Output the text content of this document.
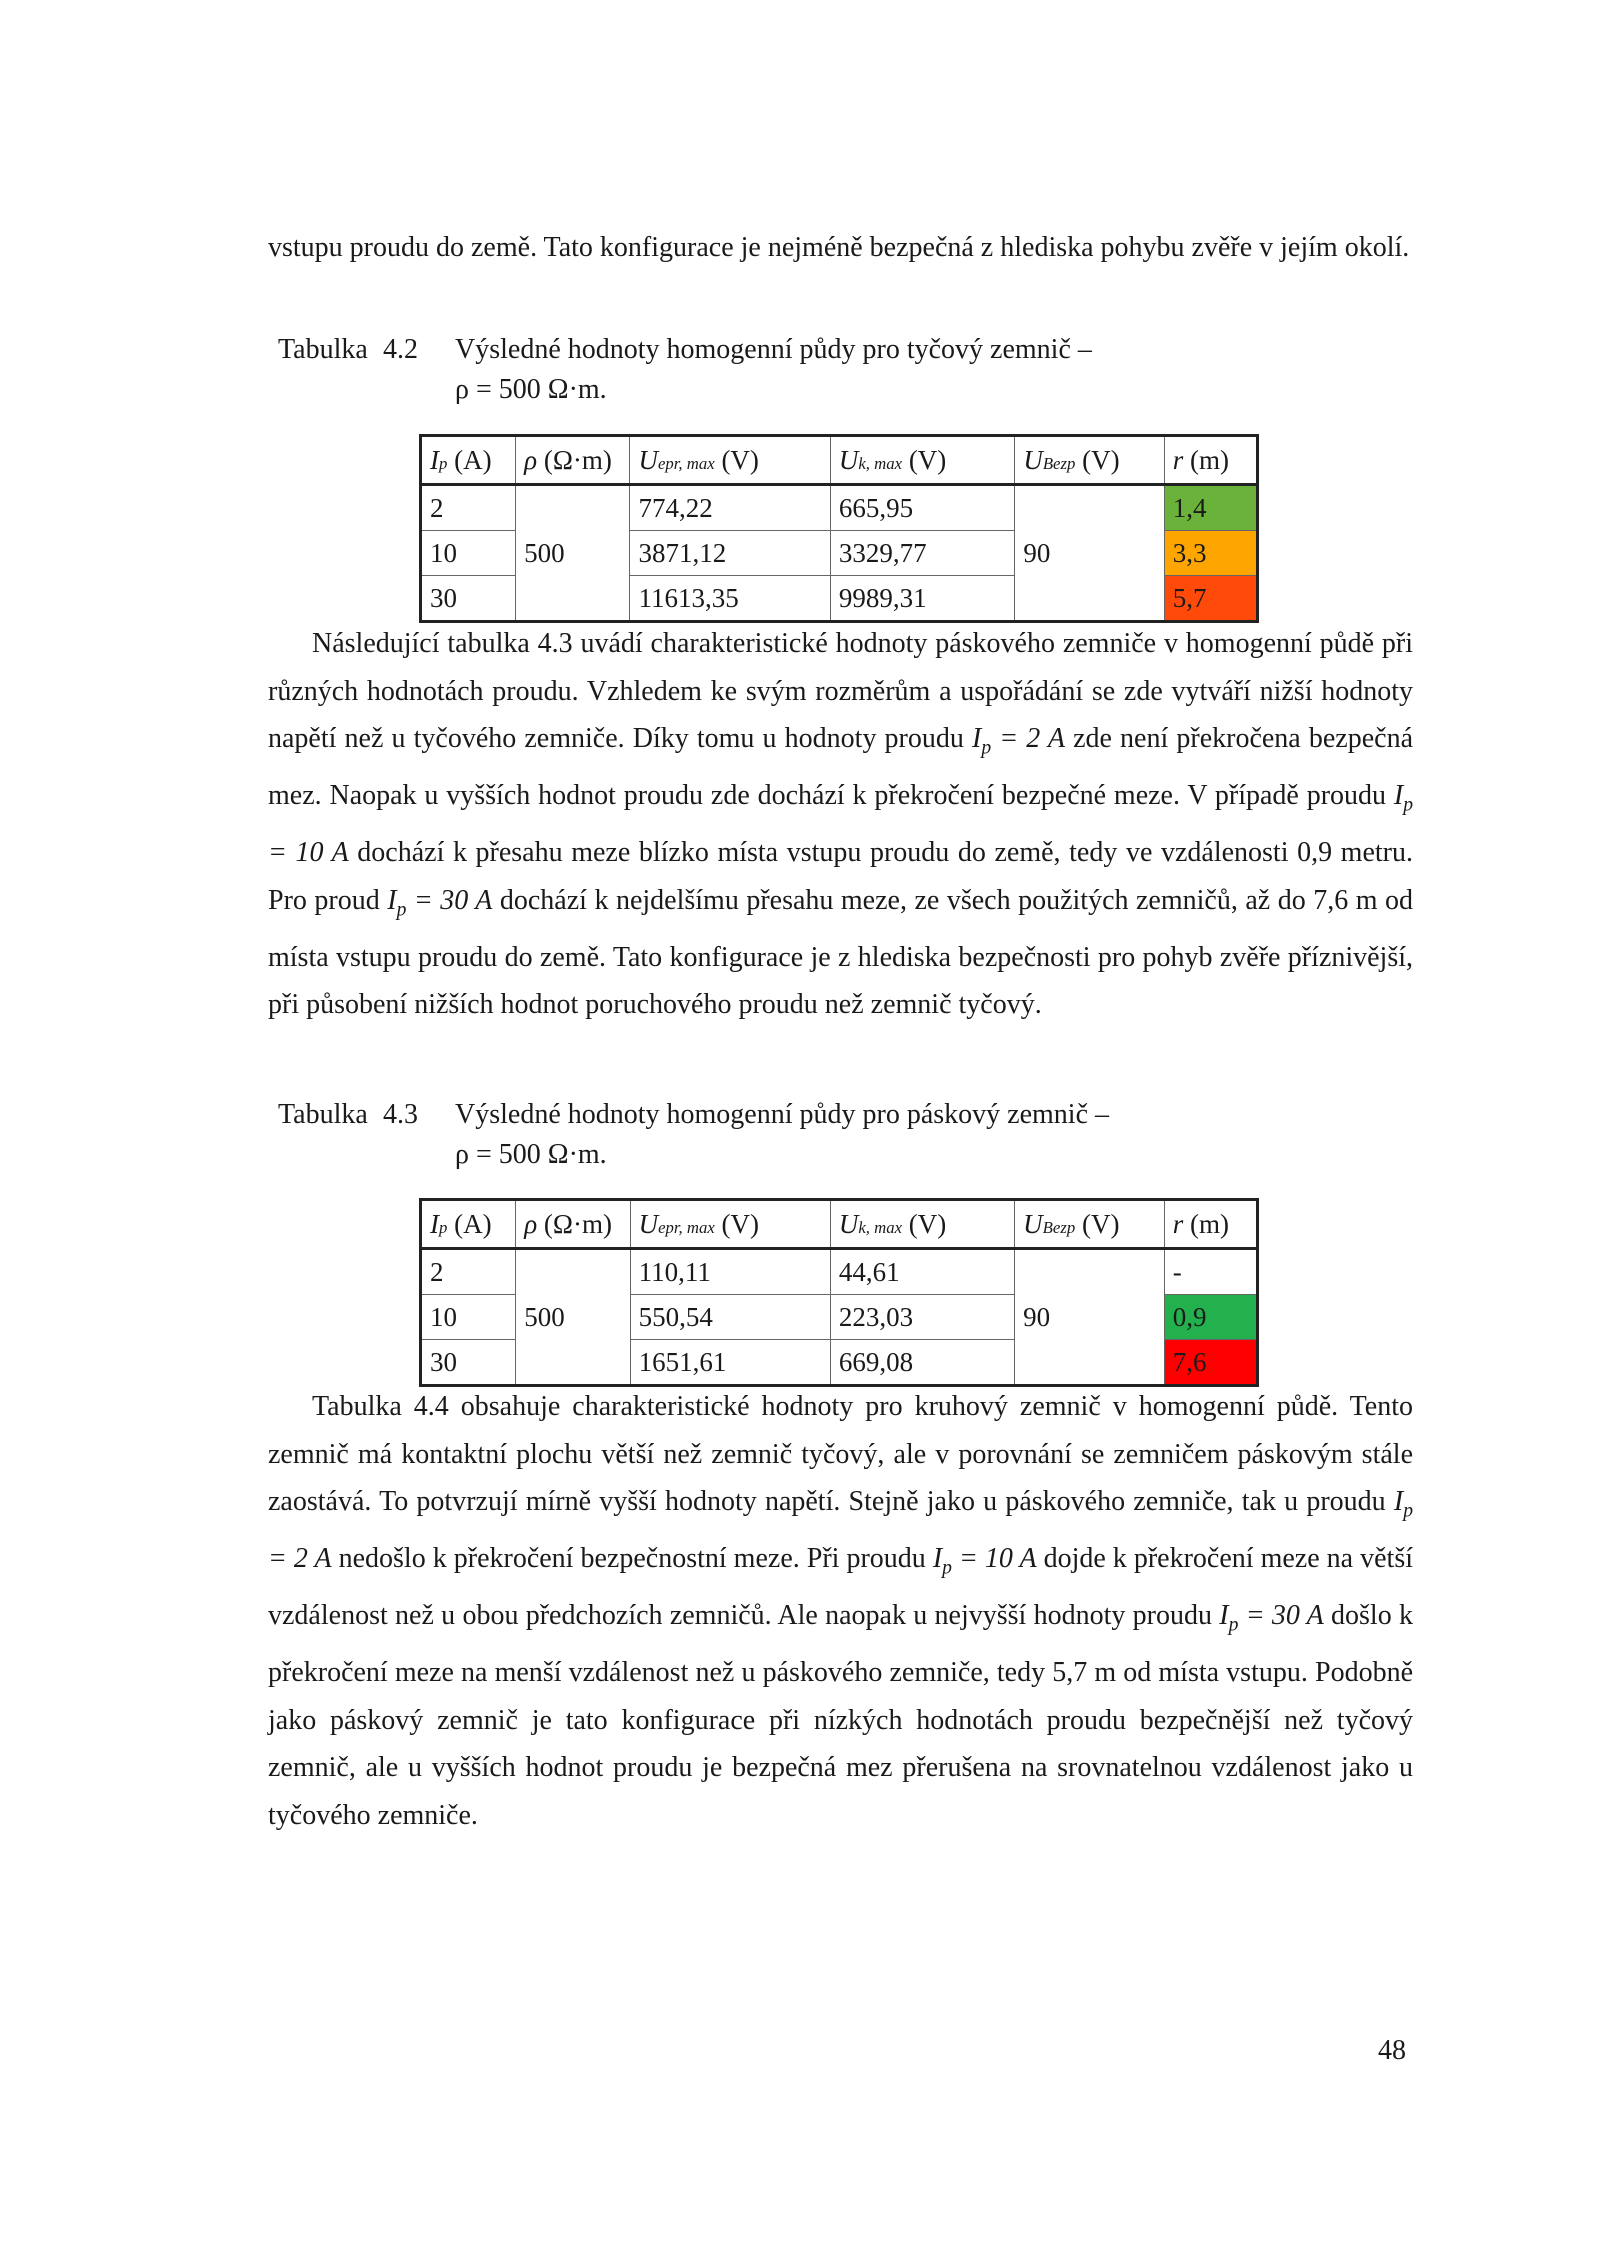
vstupu proudu do země. Tato konfigurace je nejméně bezpečná z hlediska pohybu zvěře v jejím okolí.

Tabulka 4.2 Výsledné hodnoty homogenní půdy pro tyčový zemnič –
ρ = 500 Ω·m.

Ip (A)	ρ (Ω·m)	Uepr, max (V)	Uk, max (V)	UBezp (V)	r (m)
2	500	774,22	665,95	90	1,4
10		3871,12	3329,77		3,3
30		11613,35	9989,31		5,7

Následující tabulka 4.3 uvádí charakteristické hodnoty páskového zemniče v homogenní půdě při různých hodnotách proudu. Vzhledem ke svým rozměrům a uspořádání se zde vytváří nižší hodnoty napětí než u tyčového zemniče. Díky tomu u hodnoty proudu $I_p = 2$ A zde není překročena bezpečná mez. Naopak u vyšších hodnot proudu zde dochází k překročení bezpečné meze. V případě proudu $I_p = 10$ A dochází k přesahu meze blízko místa vstupu proudu do země, tedy ve vzdálenosti 0,9 metru. Pro proud $I_p = 30$ A dochází k nejdelšímu přesahu meze, ze všech použitých zemničů, až do 7,6 m od místa vstupu proudu do země. Tato konfigurace je z hlediska bezpečnosti pro pohyb zvěře příznivější, při působení nižších hodnot poruchového proudu než zemnič tyčový.

Tabulka 4.3 Výsledné hodnoty homogenní půdy pro páskový zemnič –
ρ = 500 Ω·m.

Ip (A)	ρ (Ω·m)	Uepr, max (V)	Uk, max (V)	UBezp (V)	r (m)
2	500	110,11	44,61	90	-
10		550,54	223,03		0,9
30		1651,61	669,08		7,6

Tabulka 4.4 obsahuje charakteristické hodnoty pro kruhový zemnič v homogenní půdě. Tento zemnič má kontaktní plochu větší než zemnič tyčový, ale v porovnání se zemničem páskovým stále zaostává. To potvrzují mírně vyšší hodnoty napětí. Stejně jako u páskového zemniče, tak u proudu $I_p = 2$ A nedošlo k překročení bezpečnostní meze. Při proudu $I_p = 10$ A dojde k překročení meze na větší vzdálenost než u obou předchozích zemničů. Ale naopak u nejvyšší hodnoty proudu $I_p = 30$ A došlo k překročení meze na menší vzdálenost než u páskového zemniče, tedy 5,7 m od místa vstupu. Podobně jako páskový zemnič je tato konfigurace při nízkých hodnotách proudu bezpečnější než tyčový zemnič, ale u vyšších hodnot proudu je bezpečná mez přerušena na srovnatelnou vzdálenost jako u tyčového zemniče.

48
